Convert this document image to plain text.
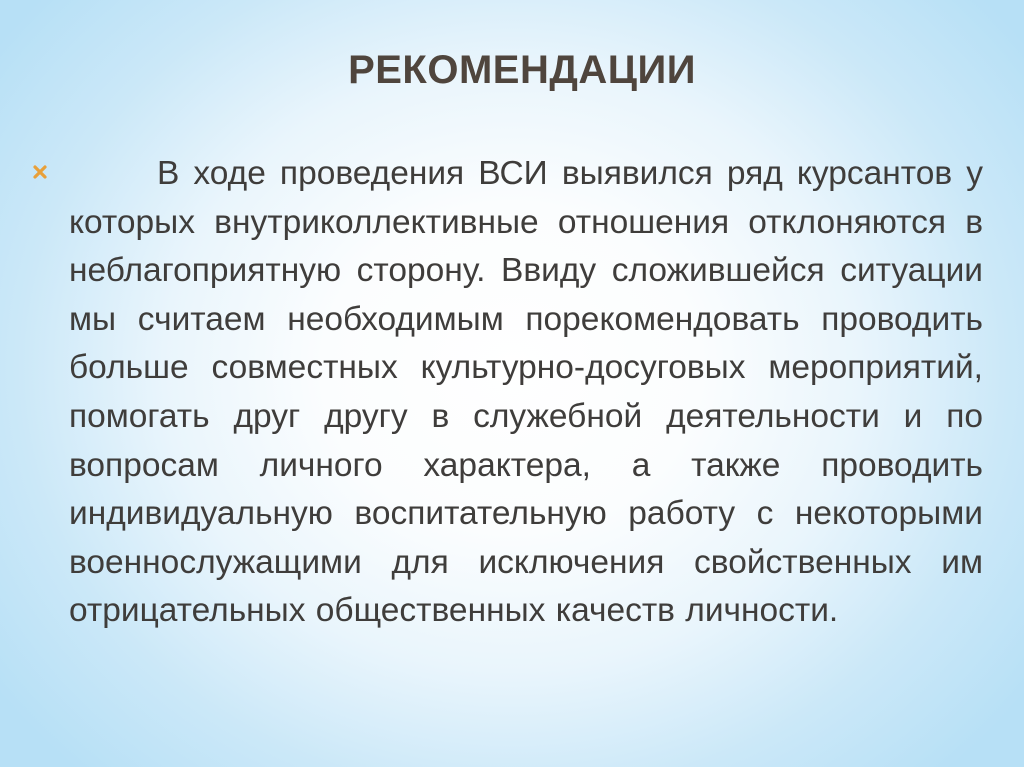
РЕКОМЕНДАЦИИ

В ходе проведения ВСИ выявился ряд курсантов у которых внутриколлективные отношения отклоняются в неблагоприятную сторону. Ввиду сложившейся ситуации мы считаем необходимым порекомендовать проводить больше совместных культурно-досуговых мероприятий, помогать друг другу в служебной деятельности и по вопросам личного характера, а также проводить индивидуальную воспитательную работу с некоторыми военнослужащими для исключения свойственных им отрицательных общественных качеств личности.
